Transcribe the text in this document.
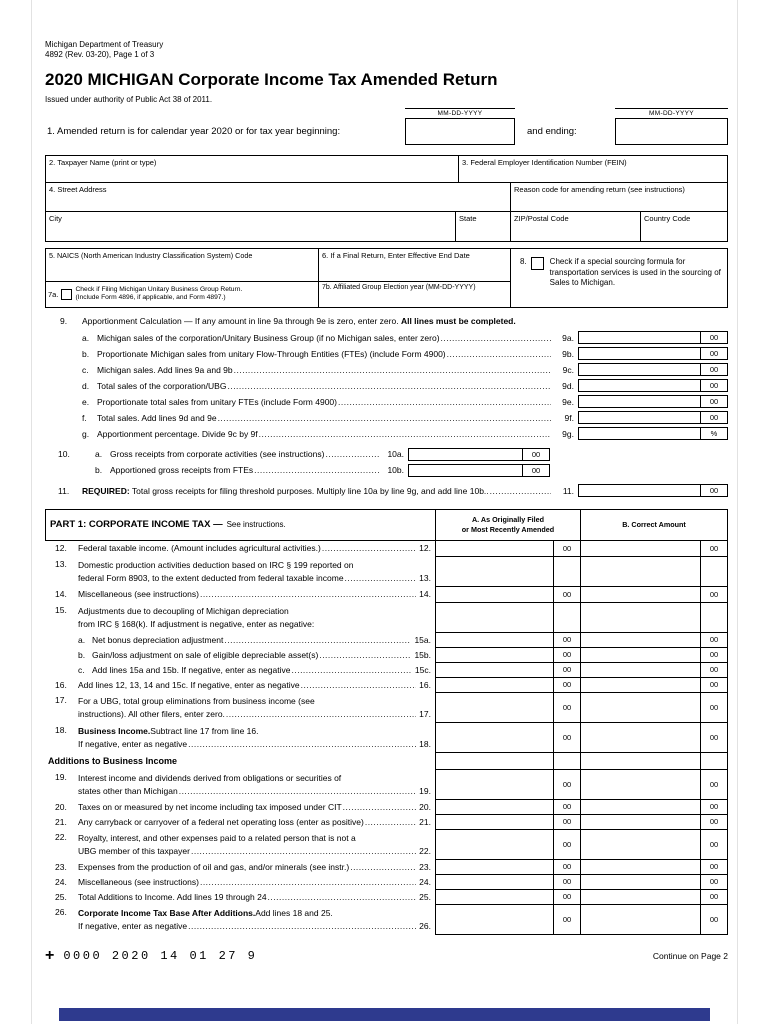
Michigan Department of Treasury
4892 (Rev. 03-20), Page 1 of 3
2020 MICHIGAN Corporate Income Tax Amended Return
Issued under authority of Public Act 38 of 2011.
MM-DD-YYYY	MM-DD-YYYY
1. Amended return is for calendar year 2020 or for tax year beginning:	and ending:
2. Taxpayer Name (print or type)	3. Federal Employer Identification Number (FEIN)
4. Street Address	Reason code for amending return (see instructions)
City	State	ZIP/Postal Code	Country Code
5. NAICS (North American Industry Classification System) Code
7a.
Check if Filing Michigan Unitary Business Group Return.
(Include Form 4896, if applicable, and Form 4897.)
6. If a Final Return, Enter Effective End Date
7b. Affiliated Group Election year (MM-DD-YYYY)
8.	Check if a special sourcing formula for transportation services is used in the sourcing of Sales to Michigan.
9.	Apportionment Calculation — If any amount in line 9a through 9e is zero, enter zero. All lines must be completed.
a. Michigan sales of the corporation/Unitary Business Group (if no Michigan sales, enter zero) .....	9a.	00
b. Proportionate Michigan sales from unitary Flow-Through Entities (FTEs) (include Form 4900) .....	9b.	00
c. Michigan sales. Add lines 9a and 9b .....	9c.	00
d. Total sales of the corporation/UBG .....	9d.	00
e. Proportionate total sales from unitary FTEs (include Form 4900) .....	9e.	00
f.	Total sales. Add lines 9d and 9e .....	9f.	00
g. Apportionment percentage. Divide 9c by 9f .....	9g.	%
10.	a. Gross receipts from corporate activities (see instructions) .....	10a.	00
b. Apportioned gross receipts from FTEs .....	10b.	00
11.	REQUIRED: Total gross receipts for filing threshold purposes. Multiply line 10a by line 9g, and add line 10b.. .....	11.	00
PART 1: CORPORATE INCOME TAX — See instructions.
A. As Originally Filed
or Most Recently Amended	B. Correct Amount
12.	Federal taxable income. (Amount includes agricultural activities.) .....	12.	00	00
13.	Domestic production activities deduction based on IRC § 199 reported on
federal Form 8903, to the extent deducted from federal taxable income .....	13.
14.	Miscellaneous (see instructions) .....	14.	00	00
15.	Adjustments due to decoupling of Michigan depreciation
from IRC § 168(k). If adjustment is negative, enter as negative:
a. Net bonus depreciation adjustment .....	15a.	00	00
b. Gain/loss adjustment on sale of eligible depreciable asset(s) .....	15b.	00	00
c. Add lines 15a and 15b. If negative, enter as negative .....	15c.	00	00
16.	Add lines 12, 13, 14 and 15c. If negative, enter as negative .....	16.	00	00
17.	For a UBG, total group eliminations from business income (see
instructions). All other filers, enter zero. .....	17.
00	00
18.	Business Income. Subtract line 17 from line 16.
If negative, enter as negative .....	18.
00	00
Additions to Business Income
19.	Interest income and dividends derived from obligations or securities of
states other than Michigan .....	19.
00	00
20.	Taxes on or measured by net income including tax imposed under CIT .....	20.	00	00
21.	Any carryback or carryover of a federal net operating loss (enter as positive) .....	21.	00	00
22.	Royalty, interest, and other expenses paid to a related person that is not a
UBG member of this taxpayer .....	22.
00	00
23.	Expenses from the production of oil and gas, and/or minerals (see instr.) .....	23.	00	00
24.	Miscellaneous (see instructions) .....	24.	00	00
25.	Total Additions to Income. Add lines 19 through 24 .....	25.	00	00
26.	Corporate Income Tax Base After Additions. Add lines 18 and 25.
If negative, enter as negative .....	26.
00	00
+ 0000 2020 14 01 27 9	Continue on Page 2
